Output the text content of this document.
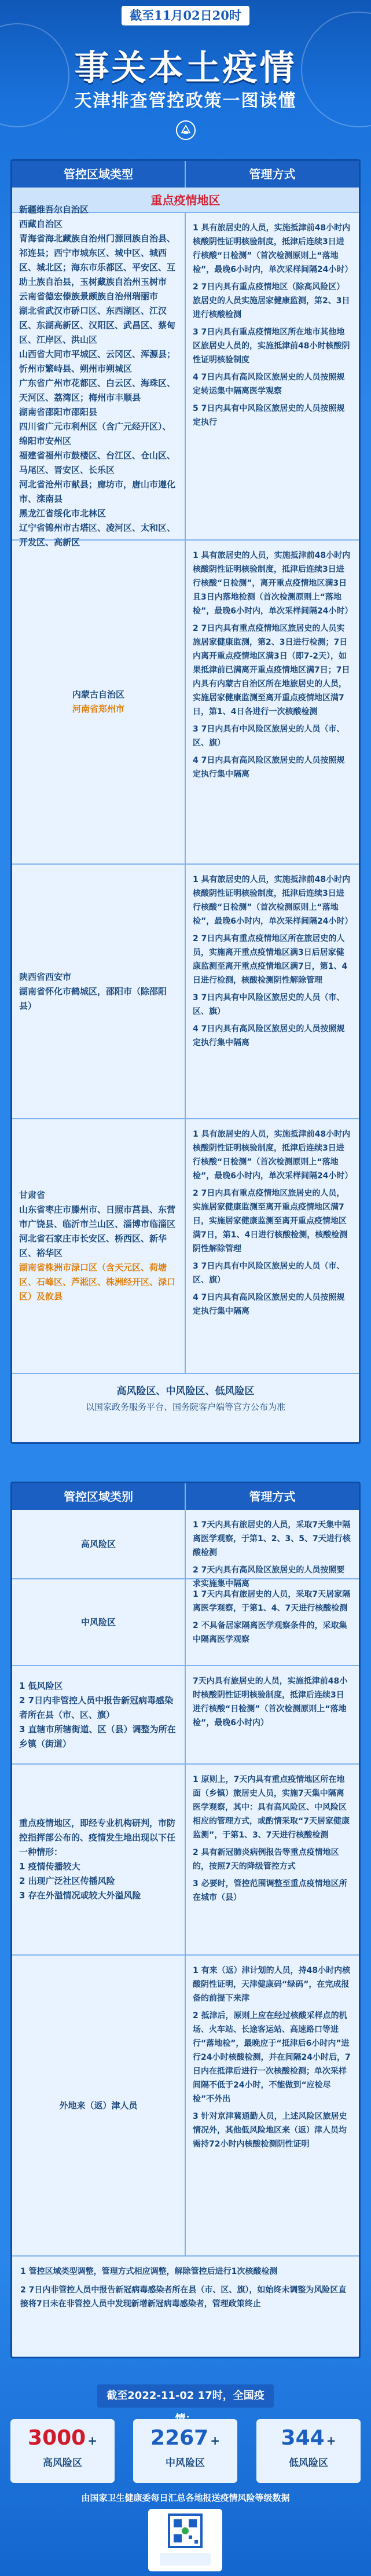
截至11月02日20时
事关本土疫情
天津排查管控政策一图读懂
管控区域类型	管理方式
重点疫情地区
新疆维吾尔自治区
西藏自治区
青海省海北藏族自治州门源回族自治县、祁连县；西宁市城东区、城中区、城西区、城北区；海东市乐都区、平安区、互助土族自治县，玉树藏族自治州玉树市
云南省德宏傣族景颇族自治州瑞丽市
湖北省武汉市硚口区、东西湖区、江汉区、东湖高新区、汉阳区、武昌区、蔡甸区、江岸区、洪山区
山西省大同市平城区、云冈区、浑源县；忻州市繁峙县、朔州市朔城区
广东省广州市花都区、白云区、海珠区、天河区、荔湾区；梅州市丰顺县
湖南省邵阳市邵阳县
四川省广元市利州区（含广元经开区）、绵阳市安州区
福建省福州市鼓楼区、台江区、仓山区、马尾区、晋安区、长乐区
河北省沧州市献县；廊坊市，唐山市遵化市、滦南县
黑龙江省绥化市北林区
辽宁省锦州市古塔区、凌河区、太和区、开发区、高新区
1 具有旅居史的人员，实施抵津前48小时内核酸阴性证明核验制度，抵津后连续3日进行核酸“日检测”（首次检测原则上“落地检”，最晚6小时内，单次采样间隔24小时）
2 7日内具有重点疫情地区（除高风险区）旅居史的人员实施居家健康监测，第2、3日进行核酸检测
3 7日内具有重点疫情地区所在地市其他地区旅居史人员的，实施抵津前48小时核酸阴性证明核验制度
4 7日内具有高风险区旅居史的人员按照规定转运集中隔离医学观察
5 7日内具有中风险区旅居史的人员按照规定执行
内蒙古自治区
河南省郑州市
1 具有旅居史的人员，实施抵津前48小时内核酸阴性证明核验制度，抵津后连续3日进行核酸“日检测”，离开重点疫情地区满3日且3日内落地检测（首次检测原则上“落地检”，最晚6小时内，单次采样间隔24小时）
2 7日内具有重点疫情地区旅居史的人员实施居家健康监测，第2、3日进行检测；7日内离开重点疫情地区满3日（即7-2天），如果抵津前已满离开重点疫情地区满7日；7日内具有内蒙古自治区所在地旅居史的人员，实施居家健康监测至离开重点疫情地区满7日，第1、4日各进行一次核酸检测
3 7日内具有中风险区旅居史的人员（市、区、旗）
4 7日内具有高风险区旅居史的人员按照规定执行集中隔离
陕西省西安市
湖南省怀化市鹤城区，邵阳市（除邵阳县）
1 具有旅居史的人员，实施抵津前48小时内核酸阴性证明核验制度，抵津后连续3日进行核酸“日检测”（首次检测原则上“落地检”，最晚6小时内，单次采样间隔24小时）
2 7日内具有重点疫情地区所在旅居史的人员，实施离开重点疫情地区满3日后居家健康监测至离开重点疫情地区满7日，第1、4日进行检测，核酸检测阴性解除管理
3 7日内具有中风险区旅居史的人员（市、区、旗）
4 7日内具有高风险区旅居史的人员按照规定执行集中隔离
甘肃省
山东省枣庄市滕州市、日照市莒县、东营市广饶县、临沂市兰山区、淄博市临淄区
河北省石家庄市长安区、桥西区、新华区、裕华区
湖南省株洲市渌口区（含天元区、荷塘区、石峰区、芦淞区、株洲经开区、渌口区）及攸县
1 具有旅居史的人员，实施抵津前48小时内核酸阴性证明核验制度，抵津后连续3日进行核酸“日检测”（首次检测原则上“落地检”，最晚6小时内，单次采样间隔24小时）
2 7日内具有重点疫情地区旅居史的人员，实施居家健康监测至离开重点疫情地区满7日，实施居家健康监测至离开重点疫情地区满7日，第1、4日进行核酸检测，核酸检测阴性解除管理
3 7日内具有中风险区旅居史的人员（市、区、旗）
4 7日内具有高风险区旅居史的人员按照规定执行集中隔离
高风险区、中风险区、低风险区
以国家政务服务平台、国务院客户端等官方公布为准
管控区域类别	管理方式
高风险区
1 7天内具有旅居史的人员，采取7天集中隔离医学观察，于第1、2、3、5、7天进行核酸检测
2 7天内具有高风险区旅居史的人员按照要求实施集中隔离
中风险区
1 7天内具有旅居史的人员，采取7天居家隔离医学观察，于第1、4、7天进行核酸检测
2 不具备居家隔离医学观察条件的，采取集中隔离医学观察
1 低风险区
2 7日内非管控人员中报告新冠病毒感染者所在县（市、区、旗）
3 直辖市所辖街道、区（县）调整为所在乡镇（街道）
7天内具有旅居史的人员，实施抵津前48小时核酸阴性证明核验制度，抵津后连续3日进行核酸“日检测”（首次检测原则上“落地检”，最晚6小时内）
重点疫情地区，即经专业机构研判，市防控指挥部公布的、疫情发生地出现以下任一种情形：
1 疫情传播较大
2 出现广泛社区传播风险
3 存在外溢情况或较大外溢风险
1 原则上，7天内具有重点疫情地区所在地面（乡镇）旅居史人员，实施7天集中隔离医学观察，其中：具有高风险区、中风险区相应的管理方式，或酌情采取“7天居家健康监测”，于第1、3、7天进行核酸检测
2 具有新冠肺炎病例报告等重点疫情地区的，按照7天的降级管控方式
3 必要时，管控范围调整至重点疫情地区所在城市（县）
外地来（返）津人员
1 有来（返）津计划的人员，持48小时内核酸阴性证明，天津健康码“绿码”，在完成报备的前提下来津
2 抵津后，原则上应在经过核酸采样点的机场、火车站、长途客运站、高速路口等进行“落地检”，最晚应于“抵津后6小时内”进行24小时核酸检测，并在间隔24小时后，7日内在抵津后进行一次核酸检测；单次采样间隔不低于24小时，不能做到“应检尽检”不外出
3 针对京津冀通勤人员，上述风险区旅居史情况外，其他低风险地区来（返）津人员均需持72小时内核酸检测阴性证明
1 管控区域类型调整，管理方式相应调整，解除管控后进行1次核酸检测
2 7日内非管控人员中报告新冠病毒感染者所在县（市、区、旗），如始终未调整为风险区直接将7日未在非管控人员中发现新增新冠病毒感染者，管理政策终止
截至2022-11-02 17时，全国疫
3000 +
高风险区
2267 +
中风险区
344 +
低风险区
由国家卫生健康委每日汇总各地报送疫情风险等级数据
